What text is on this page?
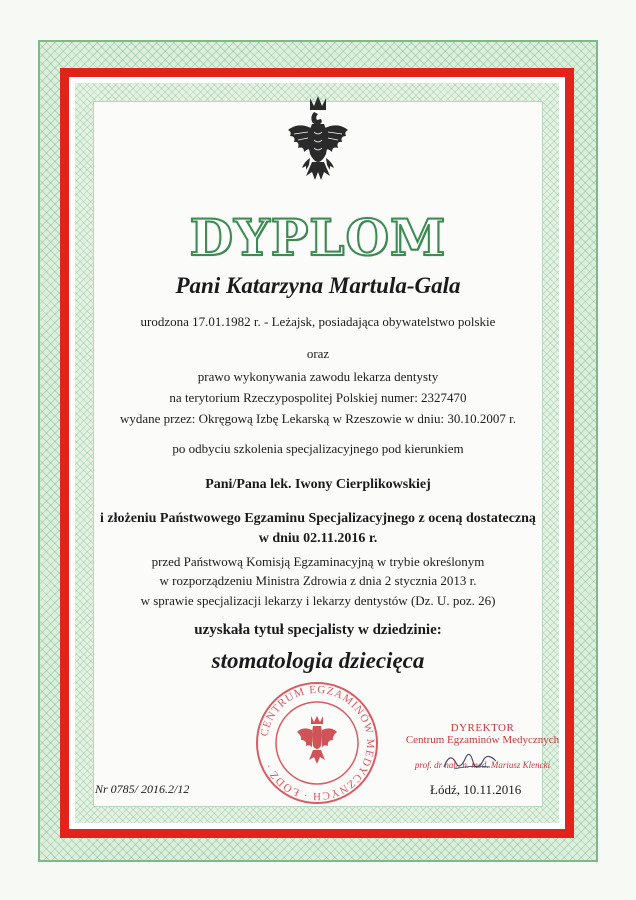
DYPLOM
Pani Katarzyna Martula-Gala
urodzona 17.01.1982 r. - Leżajsk, posiadająca obywatelstwo polskie
oraz
prawo wykonywania zawodu lekarza dentysty
na terytorium Rzeczypospolitej Polskiej numer: 2327470
wydane przez: Okręgową Izbę Lekarską w Rzeszowie w dniu: 30.10.2007 r.
po odbyciu szkolenia specjalizacyjnego pod kierunkiem
Pani/Pana lek. Iwony Cierplikowskiej
i złożeniu Państwowego Egzaminu Specjalizacyjnego z oceną dostateczną
w dniu 02.11.2016 r.
przed Państwową Komisją Egzaminacyjną w trybie określonym
w rozporządzeniu Ministra Zdrowia z dnia 2 stycznia 2013 r.
w sprawie specjalizacji lekarzy i lekarzy dentystów (Dz. U. poz. 26)
uzyskała tytuł specjalisty w dziedzinie:
stomatologia dziecięca
CENTRUM EGZAMINÓW MEDYCZNYCH · ŁÓDŹ ·
DYREKTOR
Centrum Egzaminów Medycznych
prof. dr hab. n. med. Mariusz Klencki
Nr 0785/ 2016.2/12	Łódź, 10.11.2016
